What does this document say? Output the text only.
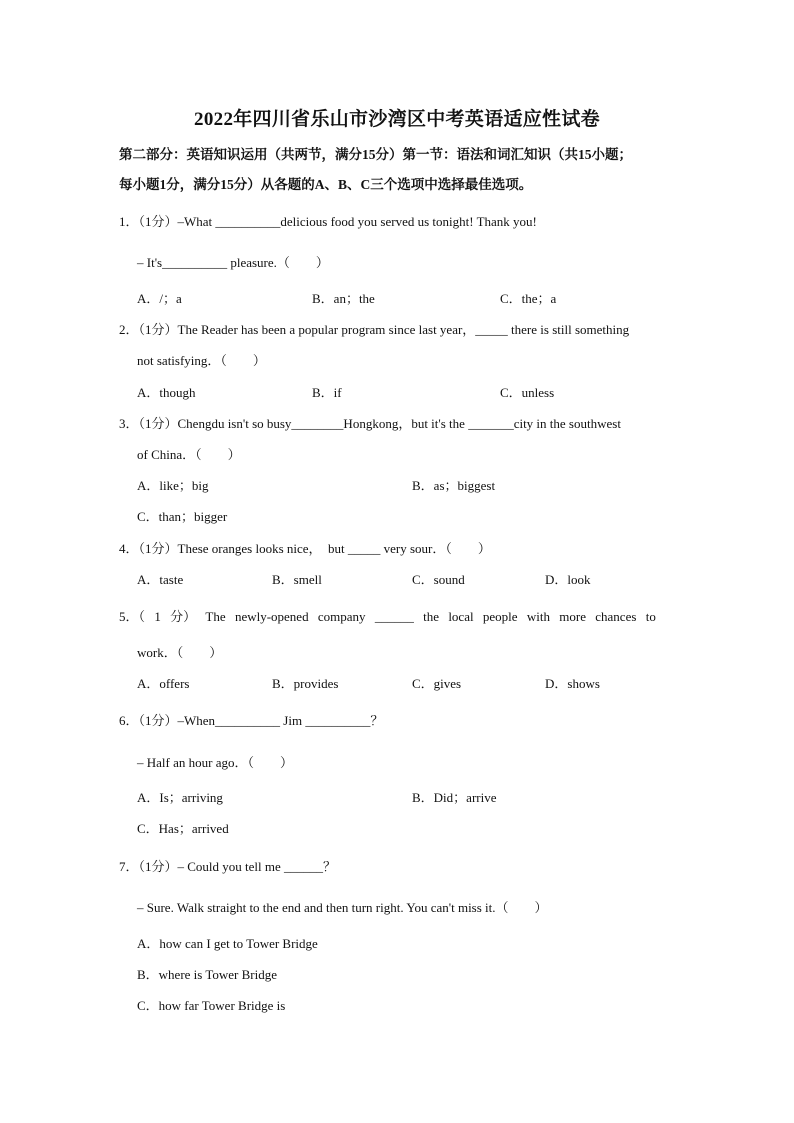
2022年四川省乐山市沙湾区中考英语适应性试卷
第二部分：英语知识运用（共两节，满分15分）第一节：语法和词汇知识（共15小题；
每小题1分，满分15分）从各题的A、B、C三个选项中选择最佳选项。
1．（1分）–What __________delicious food you served us tonight! Thank you!
– It's__________ pleasure.（　　）
A．/；a	B．an；the	C．the；a
2．（1分）The Reader has been a popular program since last year，_____ there is still something
not satisfying．（　　）
A．though	B．if	C．unless
3．（1分）Chengdu isn't so busy________Hongkong，but it's the _______city in the southwest
of China．（　　）
A．like；big	B．as；biggest
C．than；bigger
4．（1分）These oranges looks nice，　but _____ very sour．（　　）
A．taste	B．smell	C．sound	D．look
5．（ 1 分） The newly-opened company ______ the local people with more chances to
work．（　　）
A．offers	B．provides	C．gives	D．shows
6．（1分）–When__________ Jim __________？
– Half an hour ago．（　　）
A．Is；arriving	B．Did；arrive
C．Has；arrived
7．（1分）– Could you tell me ______？
– Sure. Walk straight to the end and then turn right. You can't miss it.（　　）
A．how can I get to Tower Bridge
B．where is Tower Bridge
C．how far Tower Bridge is
